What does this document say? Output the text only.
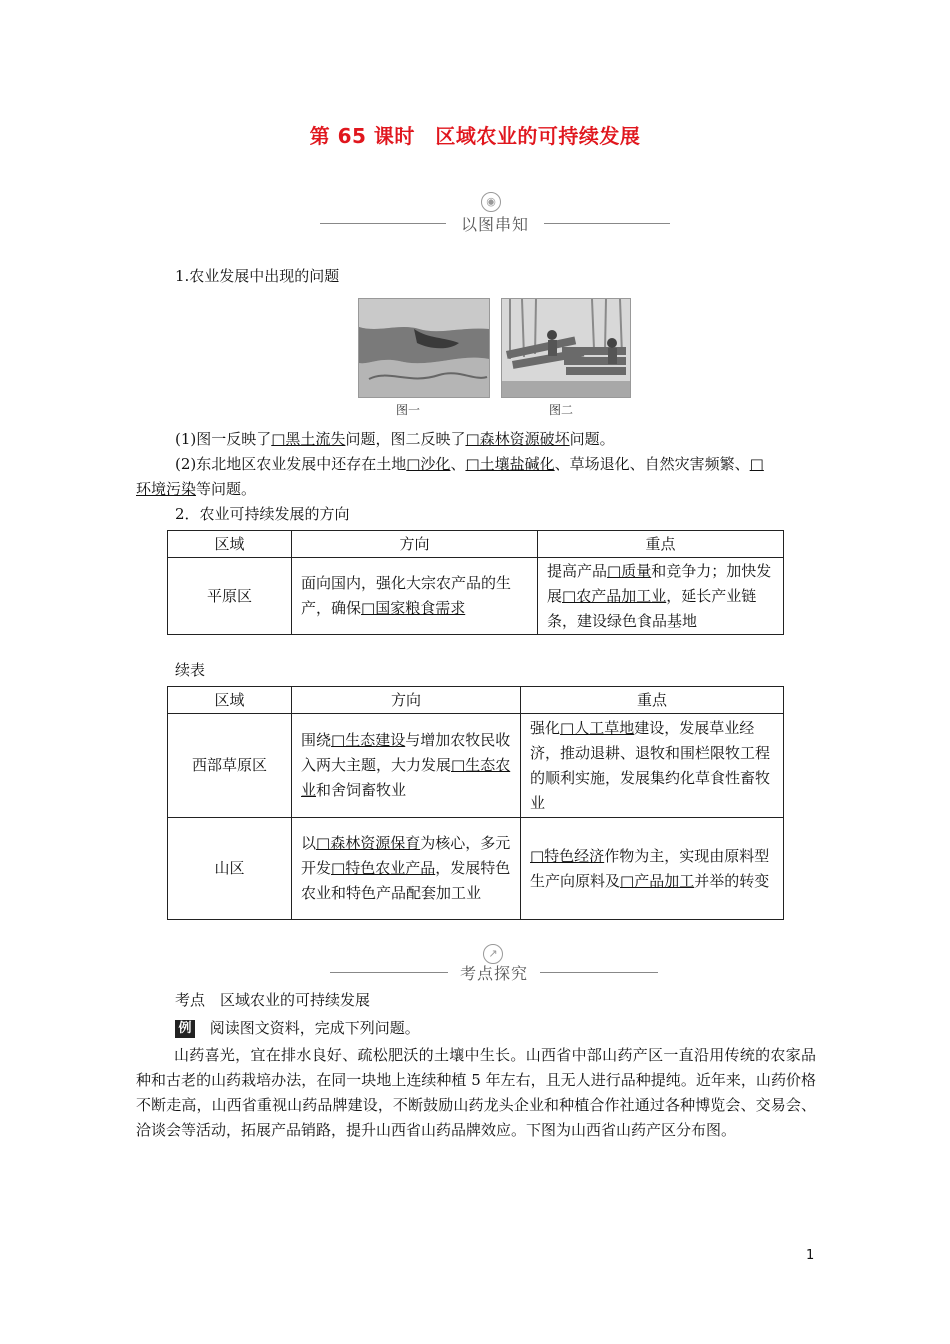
第 65 课时　区域农业的可持续发展
◉
以图串知
1.农业发展中出现的问题
图一	图二
(1)图一反映了□黑土流失问题，图二反映了□森林资源破坏问题。
(2)东北地区农业发展中还存在土地□沙化、□土壤盐碱化、草场退化、自然灾害频繁、□
环境污染等问题。
2．农业可持续发展的方向
区域	方向	重点
平原区	面向国内，强化大宗农产品的生产，确保□国家粮食需求	提高产品□质量和竞争力；加快发展□农产品加工业，延长产业链条，建设绿色食品基地
续表
区域	方向	重点
西部草原区	围绕□生态建设与增加农牧民收入两大主题，大力发展□生态农业和舍饲畜牧业	强化□人工草地建设，发展草业经济，推动退耕、退牧和围栏限牧工程的顺利实施，发展集约化草食性畜牧业
山区	以□森林资源保育为核心，多元开发□特色农业产品，发展特色农业和特色产品配套加工业	□特色经济作物为主，实现由原料型生产向原料及□产品加工并举的转变
↗
考点探究
考点　区域农业的可持续发展
例 阅读图文资料，完成下列问题。
山药喜光，宜在排水良好、疏松肥沃的土壤中生长。山西省中部山药产区一直沿用传统的农家品种和古老的山药栽培办法，在同一块地上连续种植 5 年左右，且无人进行品种提纯。近年来，山药价格不断走高，山西省重视山药品牌建设，不断鼓励山药龙头企业和种植合作社通过各种博览会、交易会、洽谈会等活动，拓展产品销路，提升山西省山药品牌效应。下图为山西省山药产区分布图。
1
